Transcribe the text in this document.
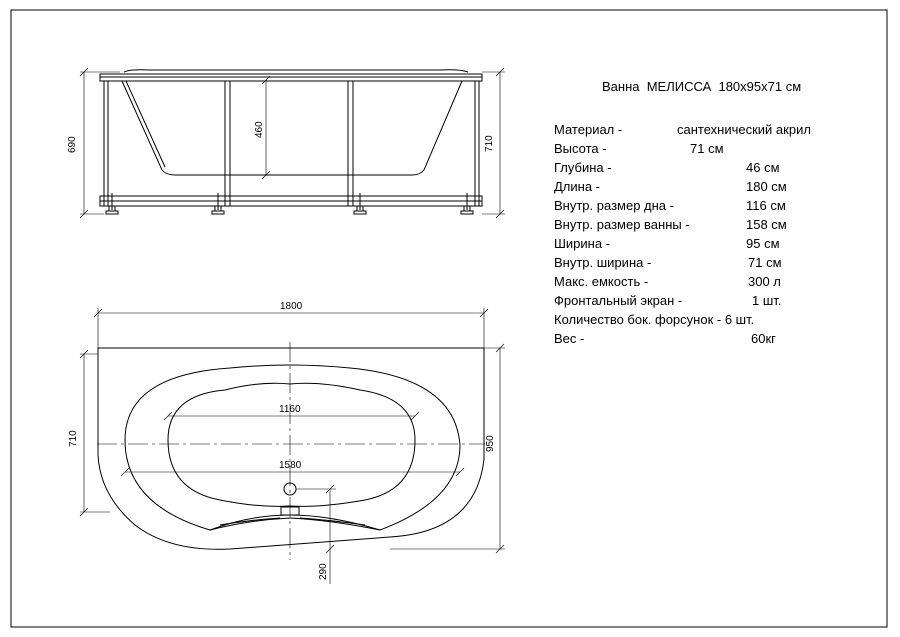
690
460
710
1800
1160
1580
710	950
290
Ванна  МЕЛИССА  180х95х71 см
Материал -	сантехнический акрил
Высота -	71 см
Глубина -	46 см
Длина -	180 см
Внутр. размер дна -	116 см
Внутр. размер ванны -	158 см
Ширина -	95 см
Внутр. ширина -	71 см
Макс. емкость -	300 л
Фронтальный экран -	1 шт.
Количество бок. форсунок - 6 шт.
Вес -	60кг
